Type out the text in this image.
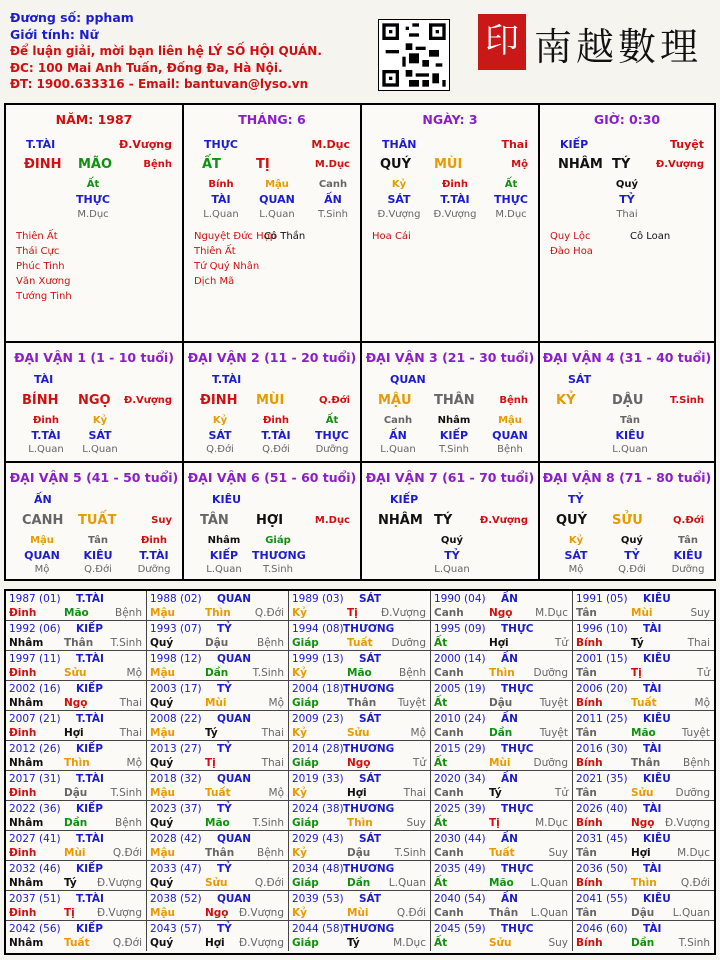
Đương số: ppham
Giới tính: Nữ
Để luận giải, mời bạn liên hệ LÝ SỐ HỘI QUÁN.
ĐC: 100 Mai Anh Tuấn, Đống Đa, Hà Nội.
ĐT: 1900.633316 - Email: bantuvan@lyso.vn
印 南越數理
NĂM: 1987
T.TÀI	Đ.Vượng
ĐINH MÃO	Bệnh
Ất
THỰC
M.Dục
Thiên Ất
Thái Cực
Phúc Tinh
Văn Xương
Tướng Tinh
THÁNG: 6
THỰC	M.Dục
ẤT	TỊ	M.Dục
Bính
TÀI
L.Quan
Mậu
QUAN
L.Quan
Canh
ẤN
T.Sinh
Nguyệt Đức Hợp
Thiên Ất
Tứ Quý Nhân
Dịch Mã
Cô Thần
NGÀY: 3
THÂN	Thai
QUÝ MÙI	Mộ
Kỷ
SÁT
Đ.Vượng
Đinh
T.TÀI
Đ.Vượng
Ất
THỰC
M.Dục
Hoa Cái
GIỜ: 0:30
KIẾP	Tuyệt
NHÂM TÝ	Đ.Vượng
Quý
TỶ
Thai
Quy Lộc
Đào Hoa
Cô Loan
ĐẠI VẬN 1 (1 - 10 tuổi)
TÀI
BÍNH NGỌ Đ.Vượng
Đinh
T.TÀI
L.Quan
Kỷ
SÁT
L.Quan
ĐẠI VẬN 2 (11 - 20 tuổi)
T.TÀI
ĐINH MÙI	Q.Đới
Kỷ
SÁT
Q.Đới
Đinh
T.TÀI
Q.Đới
Ất
THỰC
Dưỡng
ĐẠI VẬN 3 (21 - 30 tuổi)
QUAN
MẬU THÂN Bệnh
Canh
ẤN
L.Quan
Nhâm
KIẾP
T.Sinh
Mậu
QUAN
Bệnh
ĐẠI VẬN 4 (31 - 40 tuổi)
SÁT
KỶ	DẬU	T.Sinh
Tân
KIÊU
L.Quan
ĐẠI VẬN 5 (41 - 50 tuổi)
ẤN
CANH TUẤT	Suy
Mậu
QUAN
Mộ
Tân
KIÊU
Q.Đới
Đinh
T.TÀI
Dưỡng
ĐẠI VẬN 6 (51 - 60 tuổi)
KIÊU
TÂN HỢI	M.Dục
Nhâm
KIẾP
L.Quan
Giáp
THƯƠNG
T.Sinh
ĐẠI VẬN 7 (61 - 70 tuổi)
KIẾP
NHÂM TÝ	Đ.Vượng
Quý
TỶ
L.Quan
ĐẠI VẬN 8 (71 - 80 tuổi)
TỶ
QUÝ SỬU	Q.Đới
Kỷ
SÁT
Mộ
Quý
TỶ
Q.Đới
Tân
KIÊU
Dưỡng
1987 (01) T.TÀI
Đinh	Mão	Bệnh
1988 (02) QUAN
Mậu	Thìn Q.Đới
1989 (03) SÁT
Kỷ	Tị Đ.Vượng
1990 (04) ẤN
Canh Ngọ M.Dục
1991 (05) KIÊU
Tân	Mùi	Suy
1992 (06) KIẾP
Nhâm Thân T.Sinh
1993 (07) TỶ
Quý	Dậu	Bệnh
1994 (08) THƯƠNG
Giáp	Tuất Dưỡng
1995 (09) THỰC
Ất	Hợi	Tử
1996 (10) TÀI
Bính	Tý	Thai
1997 (11) T.TÀI
Đinh	Sửu	Mộ
1998 (12) QUAN
Mậu	Dần T.Sinh
1999 (13) SÁT
Kỷ	Mão	Bệnh
2000 (14) ẤN
Canh Thìn Dưỡng
2001 (15) KIÊU
Tân	Tị	Tử
2002 (16) KIẾP
Nhâm Ngọ	Thai
2003 (17) TỶ
Quý	Mùi	Mộ
2004 (18) THƯƠNG
Giáp	Thân Tuyệt
2005 (19) THỰC
Ất	Dậu	Tuyệt
2006 (20) TÀI
Bính	Tuất	Mộ
2007 (21) T.TÀI
Đinh	Hợi	Thai
2008 (22) QUAN
Mậu	Tý	Thai
2009 (23) SÁT
Kỷ	Sửu	Mộ
2010 (24) ẤN
Canh Dần	Tuyệt
2011 (25) KIÊU
Tân	Mão Tuyệt
2012 (26) KIẾP
Nhâm Thìn	Mộ
2013 (27) TỶ
Quý	Tị	Thai
2014 (28) THƯƠNG
Giáp	Ngọ	Tử
2015 (29) THỰC
Ất	Mùi Dưỡng
2016 (30) TÀI
Bính	Thân Bệnh
2017 (31) T.TÀI
Đinh	Dậu T.Sinh
2018 (32) QUAN
Mậu	Tuất	Mộ
2019 (33) SÁT
Kỷ	Hợi	Thai
2020 (34) ẤN
Canh Tý	Tử
2021 (35) KIÊU
Tân	Sửu Dưỡng
2022 (36) KIẾP
Nhâm Dần	Bệnh
2023 (37) TỶ
Quý	Mão T.Sinh
2024 (38) THƯƠNG
Giáp	Thìn	Suy
2025 (39) THỰC
Ất	Tị	M.Dục
2026 (40) TÀI
Bính	Ngọ Đ.Vượng
2027 (41) T.TÀI
Đinh	Mùi	Q.Đới
2028 (42) QUAN
Mậu	Thân Bệnh
2029 (43) SÁT
Kỷ	Dậu T.Sinh
2030 (44) ẤN
Canh Tuất	Suy
2031 (45) KIÊU
Tân	Hợi	M.Dục
2032 (46) KIẾP
Nhâm Tý Đ.Vượng
2033 (47) TỶ
Quý	Sửu	Q.Đới
2034 (48) THƯƠNG
Giáp	Dần L.Quan
2035 (49) THỰC
Ất	Mão L.Quan
2036 (50) TÀI
Bính	Thìn Q.Đới
2037 (51) T.TÀI
Đinh	Tị Đ.Vượng
2038 (52) QUAN
Mậu	Ngọ Đ.Vượng
2039 (53) SÁT
Kỷ	Mùi	Q.Đới
2040 (54) ẤN
Canh Thân L.Quan
2041 (55) KIÊU
Tân	Dậu L.Quan
2042 (56) KIẾP
Nhâm Tuất Q.Đới
2043 (57) TỶ
Quý	Hợi Đ.Vượng
2044 (58) THƯƠNG
Giáp	Tý	M.Dục
2045 (59) THỰC
Ất	Sửu	Suy
2046 (60) TÀI
Bính	Dần T.Sinh
